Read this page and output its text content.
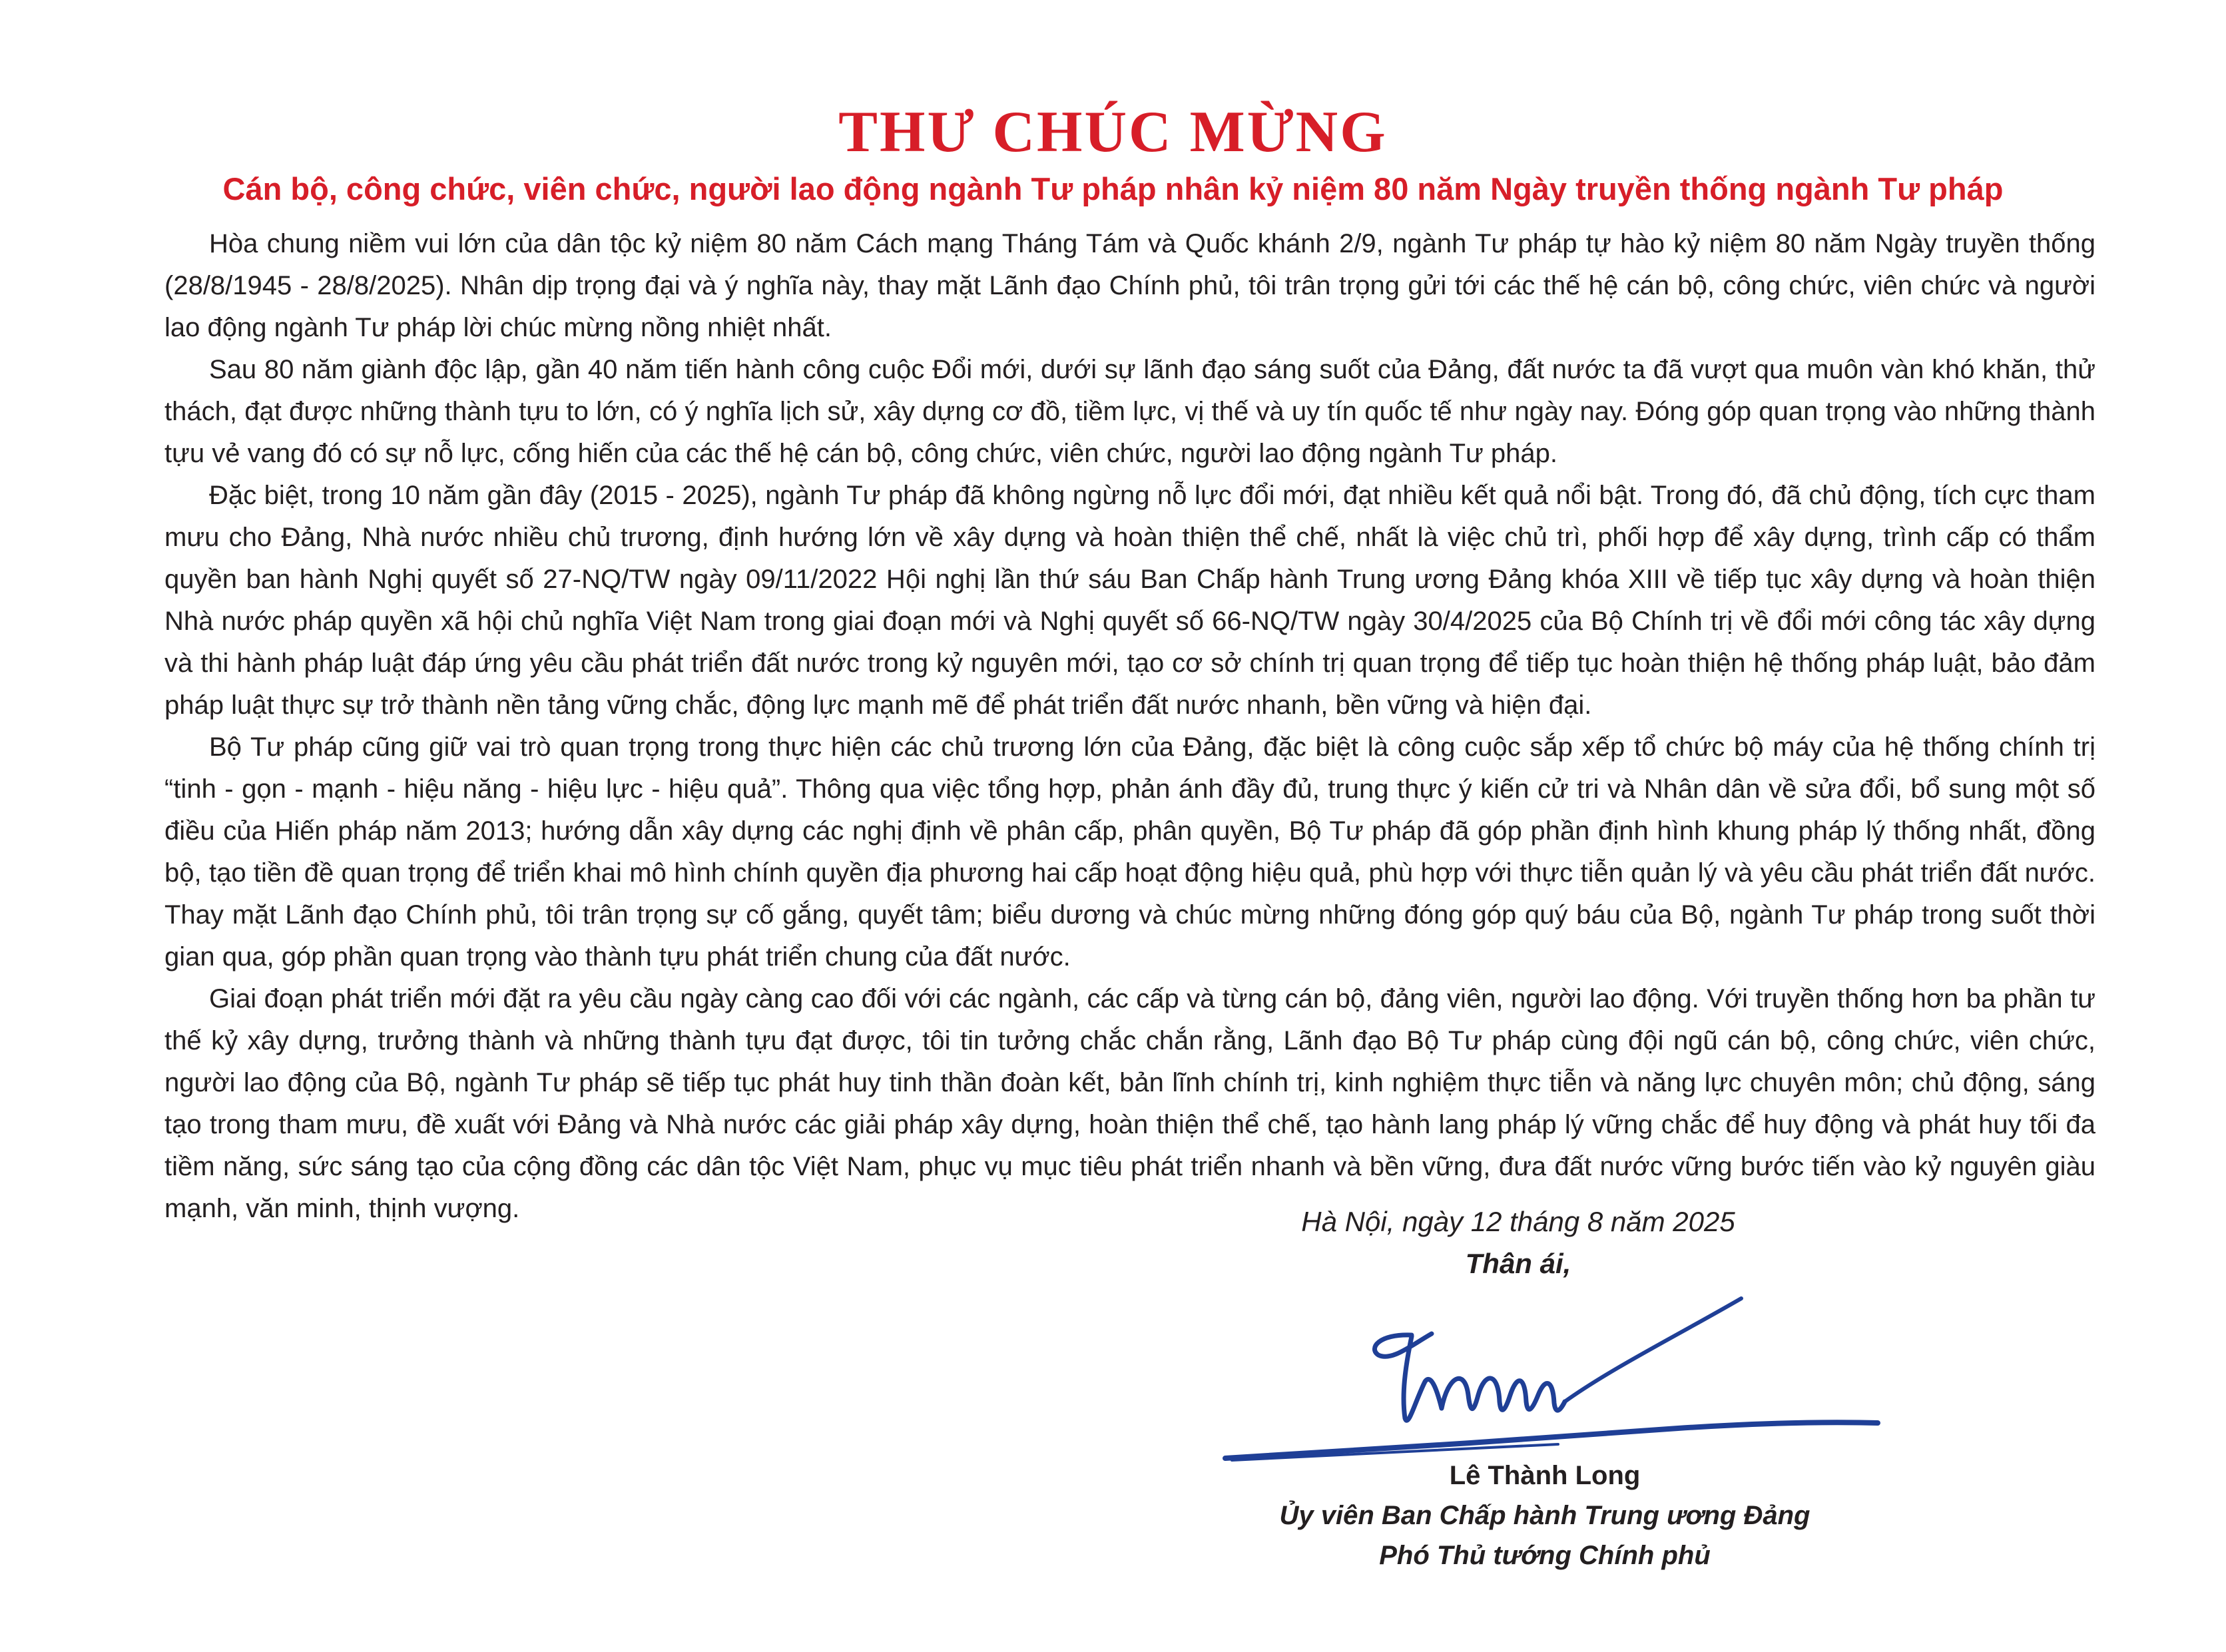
THƯ CHÚC MỪNG
Cán bộ, công chức, viên chức, người lao động ngành Tư pháp nhân kỷ niệm 80 năm Ngày truyền thống ngành Tư pháp

Hòa chung niềm vui lớn của dân tộc kỷ niệm 80 năm Cách mạng Tháng Tám và Quốc khánh 2/9, ngành Tư pháp tự hào kỷ niệm 80 năm Ngày truyền thống (28/8/1945 - 28/8/2025). Nhân dịp trọng đại và ý nghĩa này, thay mặt Lãnh đạo Chính phủ, tôi trân trọng gửi tới các thế hệ cán bộ, công chức, viên chức và người lao động ngành Tư pháp lời chúc mừng nồng nhiệt nhất.

Sau 80 năm giành độc lập, gần 40 năm tiến hành công cuộc Đổi mới, dưới sự lãnh đạo sáng suốt của Đảng, đất nước ta đã vượt qua muôn vàn khó khăn, thử thách, đạt được những thành tựu to lớn, có ý nghĩa lịch sử, xây dựng cơ đồ, tiềm lực, vị thế và uy tín quốc tế như ngày nay. Đóng góp quan trọng vào những thành tựu vẻ vang đó có sự nỗ lực, cống hiến của các thế hệ cán bộ, công chức, viên chức, người lao động ngành Tư pháp.

Đặc biệt, trong 10 năm gần đây (2015 - 2025), ngành Tư pháp đã không ngừng nỗ lực đổi mới, đạt nhiều kết quả nổi bật. Trong đó, đã chủ động, tích cực tham mưu cho Đảng, Nhà nước nhiều chủ trương, định hướng lớn về xây dựng và hoàn thiện thể chế, nhất là việc chủ trì, phối hợp để xây dựng, trình cấp có thẩm quyền ban hành Nghị quyết số 27-NQ/TW ngày 09/11/2022 Hội nghị lần thứ sáu Ban Chấp hành Trung ương Đảng khóa XIII về tiếp tục xây dựng và hoàn thiện Nhà nước pháp quyền xã hội chủ nghĩa Việt Nam trong giai đoạn mới và Nghị quyết số 66-NQ/TW ngày 30/4/2025 của Bộ Chính trị về đổi mới công tác xây dựng và thi hành pháp luật đáp ứng yêu cầu phát triển đất nước trong kỷ nguyên mới, tạo cơ sở chính trị quan trọng để tiếp tục hoàn thiện hệ thống pháp luật, bảo đảm pháp luật thực sự trở thành nền tảng vững chắc, động lực mạnh mẽ để phát triển đất nước nhanh, bền vững và hiện đại.

Bộ Tư pháp cũng giữ vai trò quan trọng trong thực hiện các chủ trương lớn của Đảng, đặc biệt là công cuộc sắp xếp tổ chức bộ máy của hệ thống chính trị “tinh - gọn - mạnh - hiệu năng - hiệu lực - hiệu quả”. Thông qua việc tổng hợp, phản ánh đầy đủ, trung thực ý kiến cử tri và Nhân dân về sửa đổi, bổ sung một số điều của Hiến pháp năm 2013; hướng dẫn xây dựng các nghị định về phân cấp, phân quyền, Bộ Tư pháp đã góp phần định hình khung pháp lý thống nhất, đồng bộ, tạo tiền đề quan trọng để triển khai mô hình chính quyền địa phương hai cấp hoạt động hiệu quả, phù hợp với thực tiễn quản lý và yêu cầu phát triển đất nước. Thay mặt Lãnh đạo Chính phủ, tôi trân trọng sự cố gắng, quyết tâm; biểu dương và chúc mừng những đóng góp quý báu của Bộ, ngành Tư pháp trong suốt thời gian qua, góp phần quan trọng vào thành tựu phát triển chung của đất nước.

Giai đoạn phát triển mới đặt ra yêu cầu ngày càng cao đối với các ngành, các cấp và từng cán bộ, đảng viên, người lao động. Với truyền thống hơn ba phần tư thế kỷ xây dựng, trưởng thành và những thành tựu đạt được, tôi tin tưởng chắc chắn rằng, Lãnh đạo Bộ Tư pháp cùng đội ngũ cán bộ, công chức, viên chức, người lao động của Bộ, ngành Tư pháp sẽ tiếp tục phát huy tinh thần đoàn kết, bản lĩnh chính trị, kinh nghiệm thực tiễn và năng lực chuyên môn; chủ động, sáng tạo trong tham mưu, đề xuất với Đảng và Nhà nước các giải pháp xây dựng, hoàn thiện thể chế, tạo hành lang pháp lý vững chắc để huy động và phát huy tối đa tiềm năng, sức sáng tạo của cộng đồng các dân tộc Việt Nam, phục vụ mục tiêu phát triển nhanh và bền vững, đưa đất nước vững bước tiến vào kỷ nguyên giàu mạnh, văn minh, thịnh vượng.	Hà Nội, ngày 12 tháng 8 năm 2025

Thân ái,

Lê Thành Long

Ủy viên Ban Chấp hành Trung ương Đảng

Phó Thủ tướng Chính phủ
